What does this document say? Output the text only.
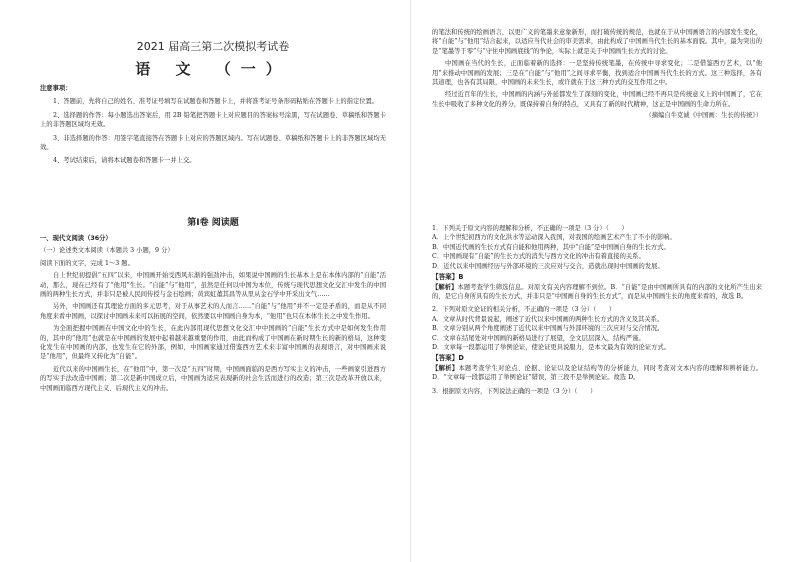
2021 届高三第二次模拟考试卷
语 文 （一）

注意事项：

1、答题前，先将自己的姓名、准考证号填写在试题卷和答题卡上，并将准考证号条形码粘贴在答题卡上的指定位置。

2、选择题的作答：每小题选出答案后，用 2B 铅笔把答题卡上对应题目的答案标号涂黑，写在试题卷、草稿纸和答题卡上的非答题区域均无效。

3、非选择题的作答：用签字笔直接答在答题卡上对应的答题区域内。写在试题卷、草稿纸和答题卡上的非答题区域均无效。

4、考试结束后，请将本试题卷和答题卡一并上交。

第Ⅰ卷 阅读题

一、现代文阅读（36分）

（一）论述类文本阅读（本题共 3 小题，9 分）

阅读下面的文字，完成 1～3 题。

自上世纪初提倡“五四”以来，中国画开始受西风东渐的强劲冲击，如果说中国画的生长基本上是在本体内部的“自能”活动，那么，现在已经有了“他用”生长。“自能”与“他用”，虽然是任何以中国为本位，传统与现代思想文化交汇中发生的中国画的两种生长方式，并非只是被人民间传授与金石绘画；黄宾虹董其昌等从里从金石学中开采出文气……

另外，中国画还有其理论方面的多元思考，对于从事艺术的人而言……“自能”与“他用”并不一定是矛盾的，而是从不同角度来看中国画，以探讨中国画未来可以拓展的空间，依然要以中国画自身为本，“他用”也只在本体生长之中发生作用。

为全面把握中国画在中国文化中的生长，在此内部用现代思想文化交汇中中国画的“自能”生长方式中是如何发生作用的，其中的“他用”也就是在中国画的发展中起着越来越重要的作用，由此而构成了中国画在新时期生长的新的格局，这种变化发生在中国画的内部，也发生在它的外部，例如，中国画家通过借鉴西方艺术来丰富中国画的表现语言，对中国画来说是“他用”，但最终又转化为“自能”。

近代以来的中国画生长，在“他用”中，第一次是“五四”时期，中国画面临的是西方写实主义的冲击，一些画家引进西方的写实手法改造中国画；第二次是新中国成立后，中国画为适应表现新的社会生活而进行的改造；第三次是改革开放以来，中国画面临西方现代主义、后现代主义的冲击。

的笔法和传统的绘画语言，以更广义的笔墨来意象新形，而打破传统的规范，也就在于从中国画语言的内部发生变化，将“自能”与“他用”结合起来，以适应当代社会的审美需求，由此构成了中国画当代生长的基本面貌。其中，最为突出的是“笔墨等于零”与“守住中国画底线”的争论，实际上就是关于中国画生长方式的讨论。

中国画在当代的生长，正面临着新的选择：一是坚持传统笔墨，在传统中寻求变化；二是借鉴西方艺术，以“他用”来推动中国画的发展；三是在“自能”与“他用”之间寻求平衡，找到适合中国画当代生长的方式。这三种选择，各有其道理，也各有其局限，中国画的未来生长，或许就在于这三种方式的交互作用之中。

经过近百年的生长，中国画的内涵与外延都发生了深刻的变化，中国画已经不再只是传统意义上的中国画了，它在生长中吸收了多种文化的养分，既保持着自身的特点，又具有了新的时代精神，这正是中国画的生命力所在。

（摘编自牛克诚《中国画：生长的传统》）

1．下列关于原文内容的理解和分析，不正确的一项是（3 分）（　　）

A．上个世纪初西方的文化洪水等运动深入我国，对我国的绘画艺术产生了不小的影响。

B．中国近代画的生长方式有自能和他用两种，其中“自能”是中国画自身的生长方式。

C．中国画现有“自能”的生长方式的消失与西方文化的冲击有着直接的关系。

D．近代以来中国画经历与外部环境的三次应对与交合，造就出现时中国画的发展。

【答案】B

【解析】本题考查学生筛选信息。对原文有关内容理解不到位。B．“自能”是由中国画所具有的内部的文化所产生出来的，是它自身所具有的生长方式，并非只是“中国画自身的生长方式”，而是从中国画生长的角度来看的，故选 B。

2．下列对原文论证的相关分析，不正确的一项是（3 分）（　　）

A．文章从时代背景说起，阐述了近代以来中国画的两种生长方式的含义及其关系。

B．文章分别从两个角度阐述了近代以来中国画与外部环境的三次应对与交合情况。

C．文章在结尾处对中国画的新格局进行了展望，全文层层深入，结构严谨。

D．文章每一段都运用了举例论证，使论证更具说服力，是本文最为有效的论证方式。

【答案】D

【解析】本题考查学生对论点、论据、论证以及论证结构等的分析能力，同时考查对文本内容的理解和辨析能力。D．“文章每一段都运用了举例论证”错误，第三段不是举例论证。故选 D。

3．根据原文内容，下列说法正确的一项是（3 分）（　　）
